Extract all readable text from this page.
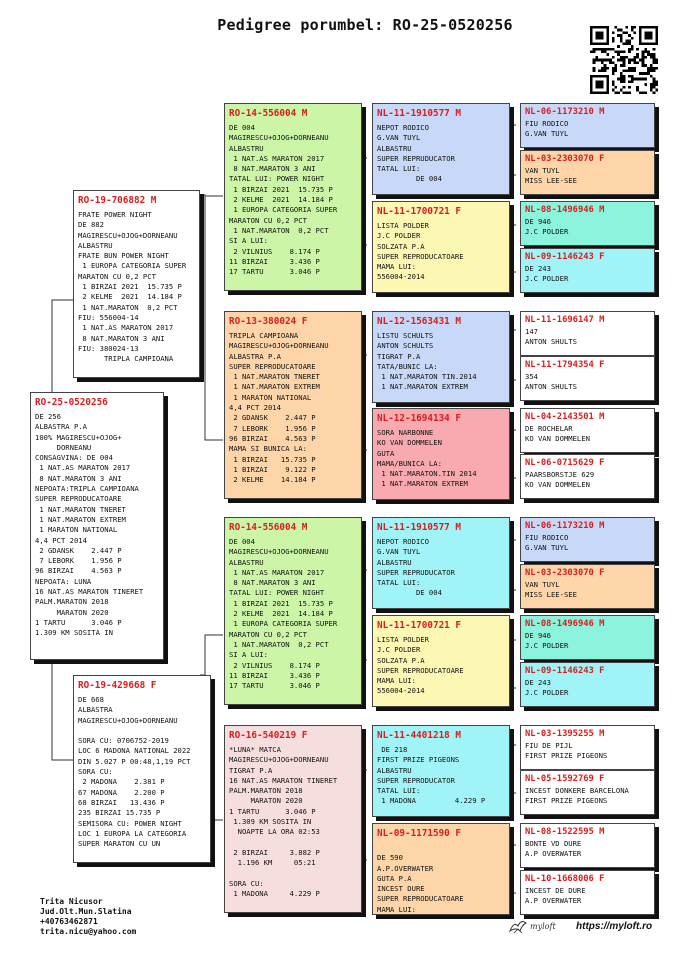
Pedigree porumbel: RO-25-0520256
RO-25-0520256
DE 256
ALBASTRA P.A
100% MAGIRESCU+OJOG+
DORNEANU
CONSAGVINA: DE 004
1 NAT.AS MARATON 2017
8 NAT.MARATON 3 ANI
NEPOATA:TRIPLA CAMPIOANA
SUPER REPRODUCATOARE
1 NAT.MARATON TNERET
1 NAT.MARATON EXTREM
1 MARATON NATIONAL
4,4 PCT 2014
2 GDANSK    2.447 P
7 LEBORK    1.956 P
96 BIRZAI    4.563 P
NEPOATA: LUNA
16 NAT.AS MARATON TINERET
PALM.MARATON 2018
MARATON 2020
1 TARTU      3.046 P
1.309 KM SOSITA IN
RO-19-706882 M
FRATE POWER NIGHT
DE 882
MAGIRESCU+OJOG+DORNEANU
ALBASTRU
FRATE BUN POWER NIGHT
1 EUROPA CATEGORIA SUPER
MARATON CU 0,2 PCT
1 BIRZAI 2021  15.735 P
2 KELME  2021  14.184 P
1 NAT.MARATON  0,2 PCT
FIU: 556004-14
1 NAT.AS MARATON 2017
8 NAT.MARATON 3 ANI
FIU: 380024-13
TRIPLA CAMPIOANA
RO-19-429668 F
DE 668
ALBASTRA
MAGIRESCU+OJOG+DORNEANU

SORA CU: 0706752-2019
LOC 6 MADONA NATIONAL 2022
DIN 5.027 P 00:48,1,19 PCT
SORA CU:
2 MADONA    2.381 P
67 MADONA    2.200 P
68 BIRZAI   13.436 P
235 BIRZAI 15.735 P
SEMISORA CU: POWER NIGHT
LOC 1 EUROPA LA CATEGORIA
SUPER MARATON CU UN
RO-14-556004 M
DE 004
MAGIRESCU+OJOG+DORNEANU
ALBASTRU
1 NAT.AS MARATON 2017
8 NAT.MARATON 3 ANI
TATAL LUI: POWER NIGHT
1 BIRZAI 2021  15.735 P
2 KELME  2021  14.184 P
1 EUROPA CATEGORIA SUPER
MARATON CU 0,2 PCT
1 NAT.MARATON  0,2 PCT
SI A LUI:
2 VILNIUS    8.174 P
11 BIRZAI     3.436 P
17 TARTU      3.046 P
RO-13-380024 F
TRIPLA CAMPIOANA
MAGIRESCU+OJOG+DORNEANU
ALBASTRA P.A
SUPER REPRODUCATOARE
1 NAT.MARATON TNERET
1 NAT.MARATON EXTREM
1 MARATON NATIONAL
4,4 PCT 2014
2 GDANSK    2.447 P
7 LEBORK    1.956 P
96 BIRZAI    4.563 P
MAMA SI BUNICA LA:
1 BIRZAI   15.735 P
1 BIRZAI    9.122 P
2 KELME    14.184 P
RO-14-556004 M
DE 004
MAGIRESCU+OJOG+DORNEANU
ALBASTRU
1 NAT.AS MARATON 2017
8 NAT.MARATON 3 ANI
TATAL LUI: POWER NIGHT
1 BIRZAI 2021  15.735 P
2 KELME  2021  14.184 P
1 EUROPA CATEGORIA SUPER
MARATON CU 0,2 PCT
1 NAT.MARATON  0,2 PCT
SI A LUI:
2 VILNIUS    8.174 P
11 BIRZAI     3.436 P
17 TARTU      3.046 P
RO-16-540219 F
*LUNA* MATCA
MAGIRESCU+OJOG+DORNEANU
TIGRAT P.A
16 NAT.AS MARATON TINERET
PALM.MARATON 2018
MARATON 2020
1 TARTU      3.046 P
1.309 KM SOSITA IN
NOAPTE LA ORA 02:53

2 BIRZAI     3.882 P
1.196 KM     05:21

SORA CU:
1 MADONA     4.229 P
NL-11-1910577 M
NEPOT RODICO
G.VAN TUYL
ALBASTRU
SUPER REPRUDUCATOR
TATAL LUI:
DE 004
NL-11-1700721 F
LISTA POLDER
J.C POLDER
SOLZATA P.A
SUPER REPRODUCATOARE
MAMA LUI:
556004-2014
NL-12-1563431 M
LISTU SCHULTS
ANTON SCHULTS
TIGRAT P.A
TATA/BUNIC LA:
1 NAT.MARATON TIN.2014
1 NAT.MARATON EXTREM
NL-12-1694134 F
SORA NARBONNE
KO VAN DOMMELEN
GUTA
MAMA/BUNICA LA:
1 NAT.MARATON.TIN 2014
1 NAT.MARATON EXTREM
NL-11-1910577 M
NEPOT RODICO
G.VAN TUYL
ALBASTRU
SUPER REPRUDUCATOR
TATAL LUI:
DE 004
NL-11-1700721 F
LISTA POLDER
J.C POLDER
SOLZATA P.A
SUPER REPRODUCATOARE
MAMA LUI:
556004-2014
NL-11-4401218 M
DE 218
FIRST PRIZE PIGEONS
ALBASTRU
SUPER REPRODUCATOR
TATAL LUI:
1 MADONA         4.229 P
NL-09-1171590 F

DE 590
A.P.OVERWATER
GUTA P.A
INCEST DURE
SUPER REPRODUCATOARE
MAMA LUI:
NL-06-1173210 M
FIU RODICO
G.VAN TUYL
NL-03-2303070 F
VAN TUYL
MISS LEE-SEE
NL-08-1496946 M
DE 946
J.C POLDER
NL-09-1146243 F
DE 243
J.C POLDER
NL-11-1696147 M
147
ANTON SHULTS
NL-11-1794354 F
354
ANTON SHULTS
NL-04-2143501 M
DE ROCHELAR
KO VAN DOMMELEN
NL-06-0715629 F
PAARSBORSTJE 629
KO VAN DOMMELEN
NL-06-1173210 M
FIU RODICO
G.VAN TUYL
NL-03-2303070 F
VAN TUYL
MISS LEE-SEE
NL-08-1496946 M
DE 946
J.C POLDER
NL-09-1146243 F
DE 243
J.C POLDER
NL-03-1395255 M
FIU DE PIJL
FIRST PRIZE PIGEONS
NL-05-1592769 F
INCEST DONKERE BARCELONA
FIRST PRIZE PIGEONS
NL-08-1522595 M
BONTE VD DURE
A.P OVERWATER
NL-10-1668006 F
INCEST DE DURE
A.P OVERWATER
Trita Nicusor
Jud.Olt.Mun.Slatina
+40763462871
trita.nicu@yahoo.com
myloft https://myloft.ro
